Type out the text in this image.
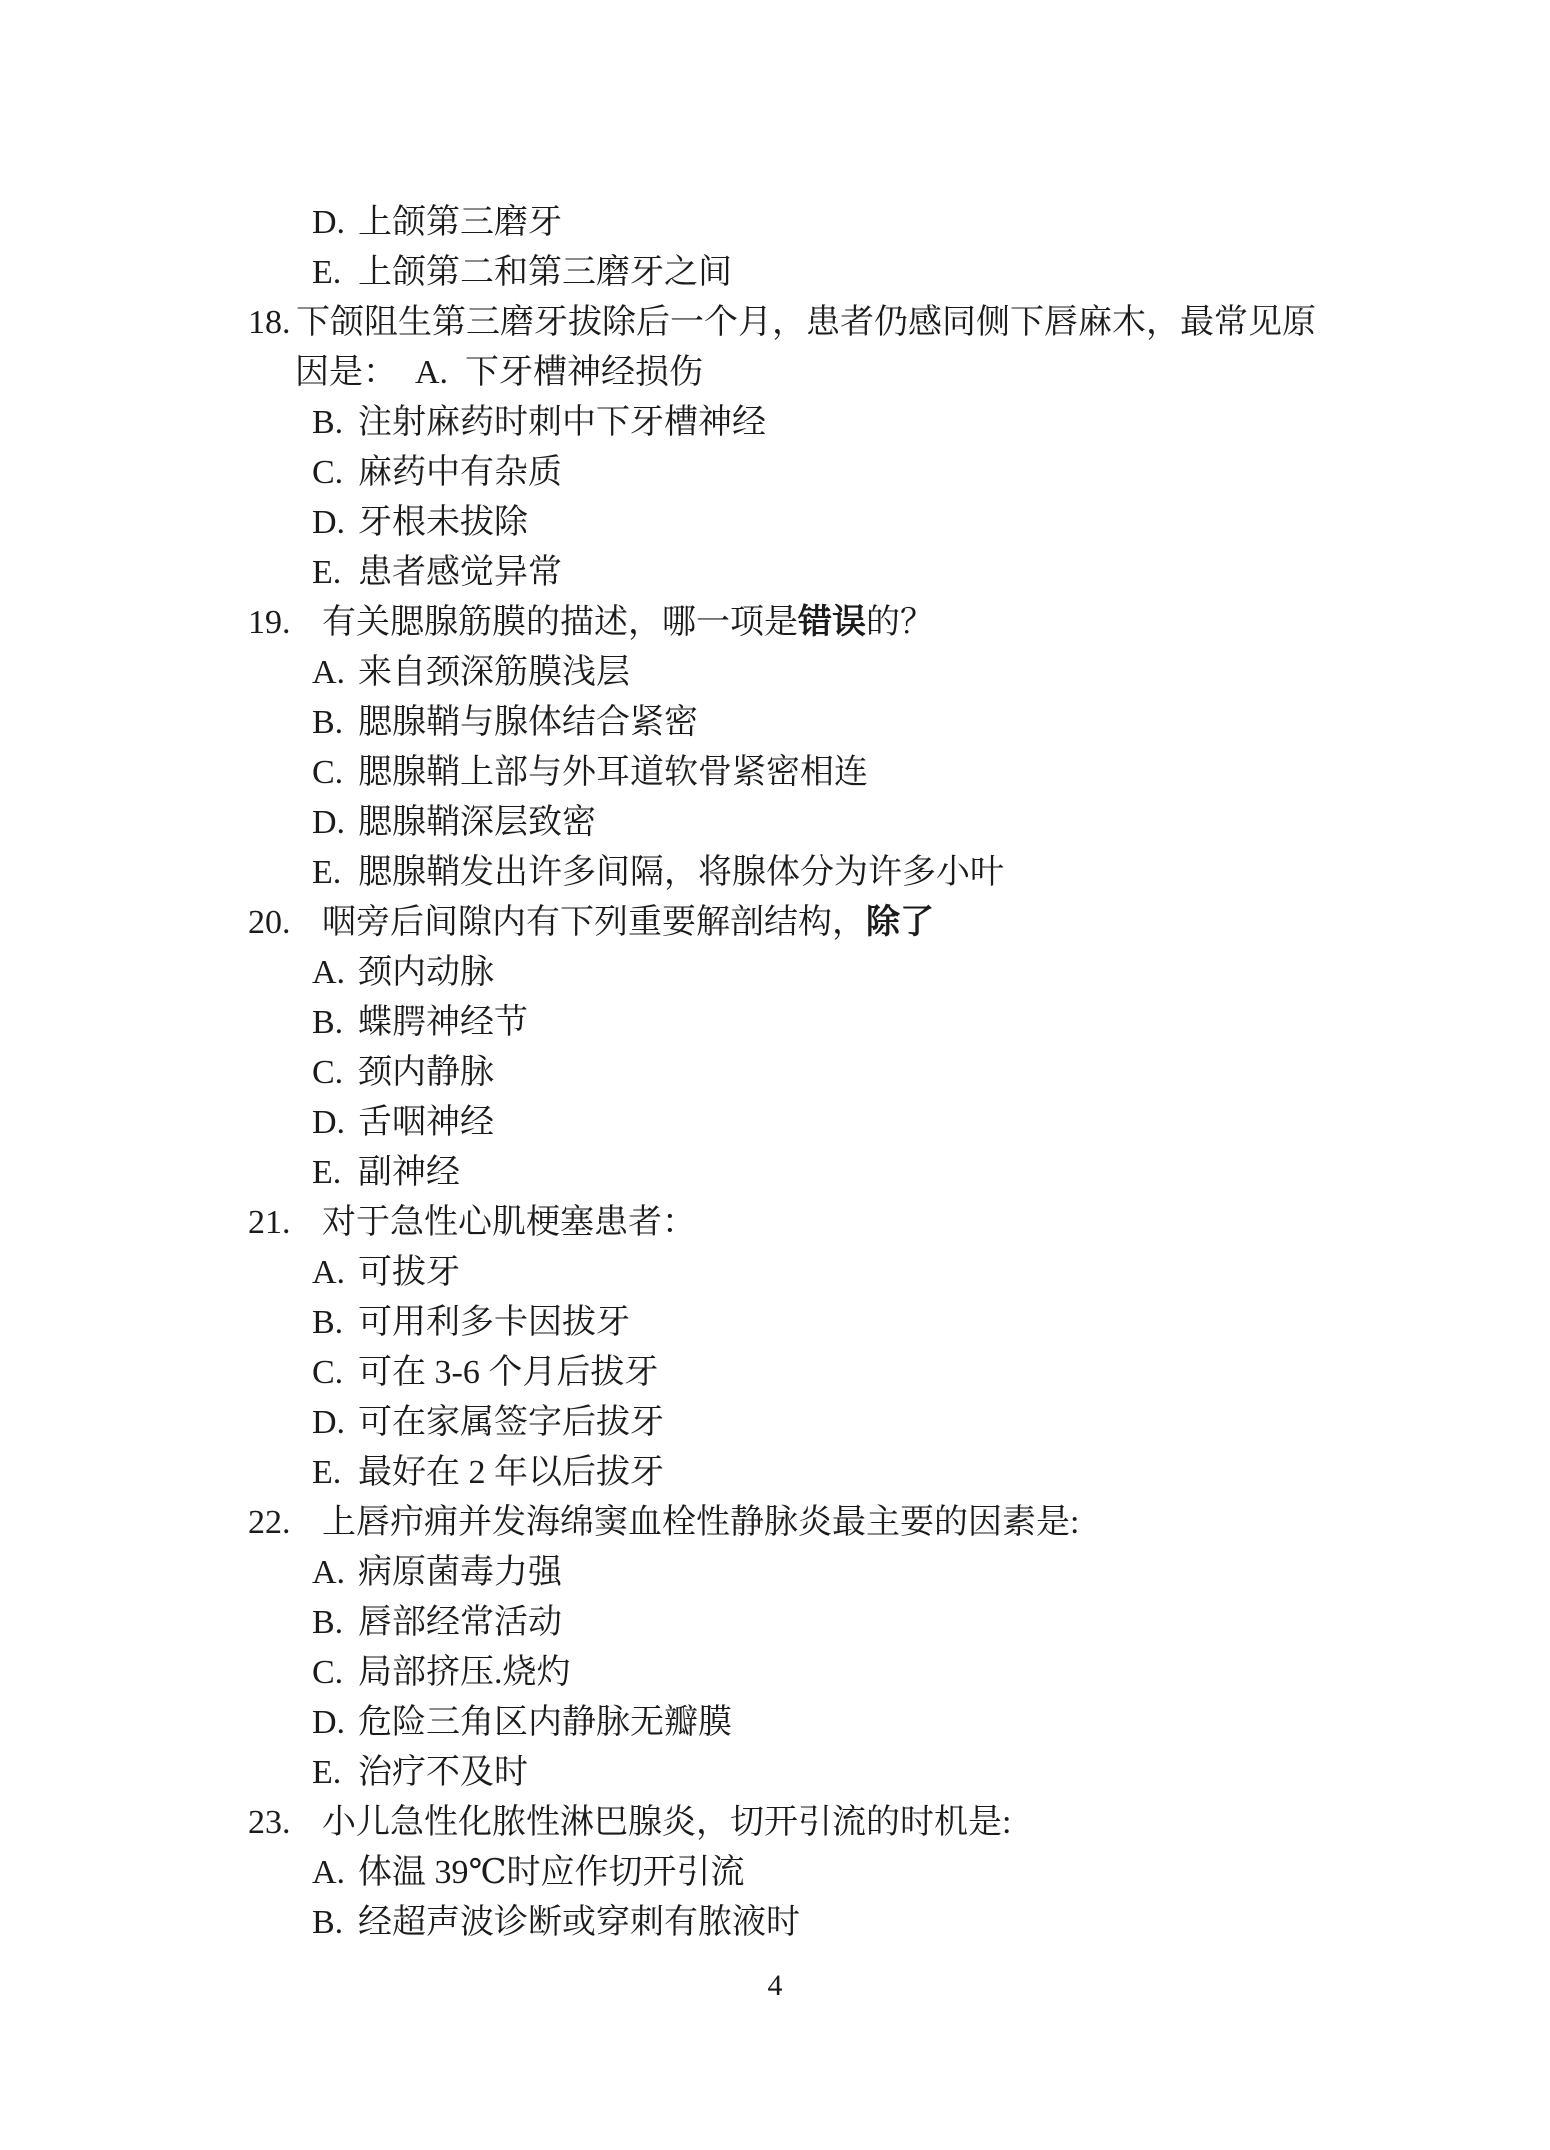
D. 上颌第三磨牙
E. 上颌第二和第三磨牙之间
18. 下颌阻生第三磨牙拔除后一个月，患者仍感同侧下唇麻木，最常见原
因是： A. 下牙槽神经损伤
B. 注射麻药时刺中下牙槽神经
C. 麻药中有杂质
D. 牙根未拔除
E. 患者感觉异常
19. 有关腮腺筋膜的描述，哪一项是错误的？
A. 来自颈深筋膜浅层
B. 腮腺鞘与腺体结合紧密
C. 腮腺鞘上部与外耳道软骨紧密相连
D. 腮腺鞘深层致密
E. 腮腺鞘发出许多间隔，将腺体分为许多小叶
20. 咽旁后间隙内有下列重要解剖结构，除了
A. 颈内动脉
B. 蝶腭神经节
C. 颈内静脉
D. 舌咽神经
E. 副神经
21. 对于急性心肌梗塞患者：
A. 可拔牙
B. 可用利多卡因拔牙
C. 可在 3-6 个月后拔牙
D. 可在家属签字后拔牙
E. 最好在 2 年以后拔牙
22. 上唇疖痈并发海绵窦血栓性静脉炎最主要的因素是:
A. 病原菌毒力强
B. 唇部经常活动
C. 局部挤压.烧灼
D. 危险三角区内静脉无瓣膜
E. 治疗不及时
23. 小儿急性化脓性淋巴腺炎，切开引流的时机是:
A. 体温 39℃时应作切开引流
B. 经超声波诊断或穿刺有脓液时
4
